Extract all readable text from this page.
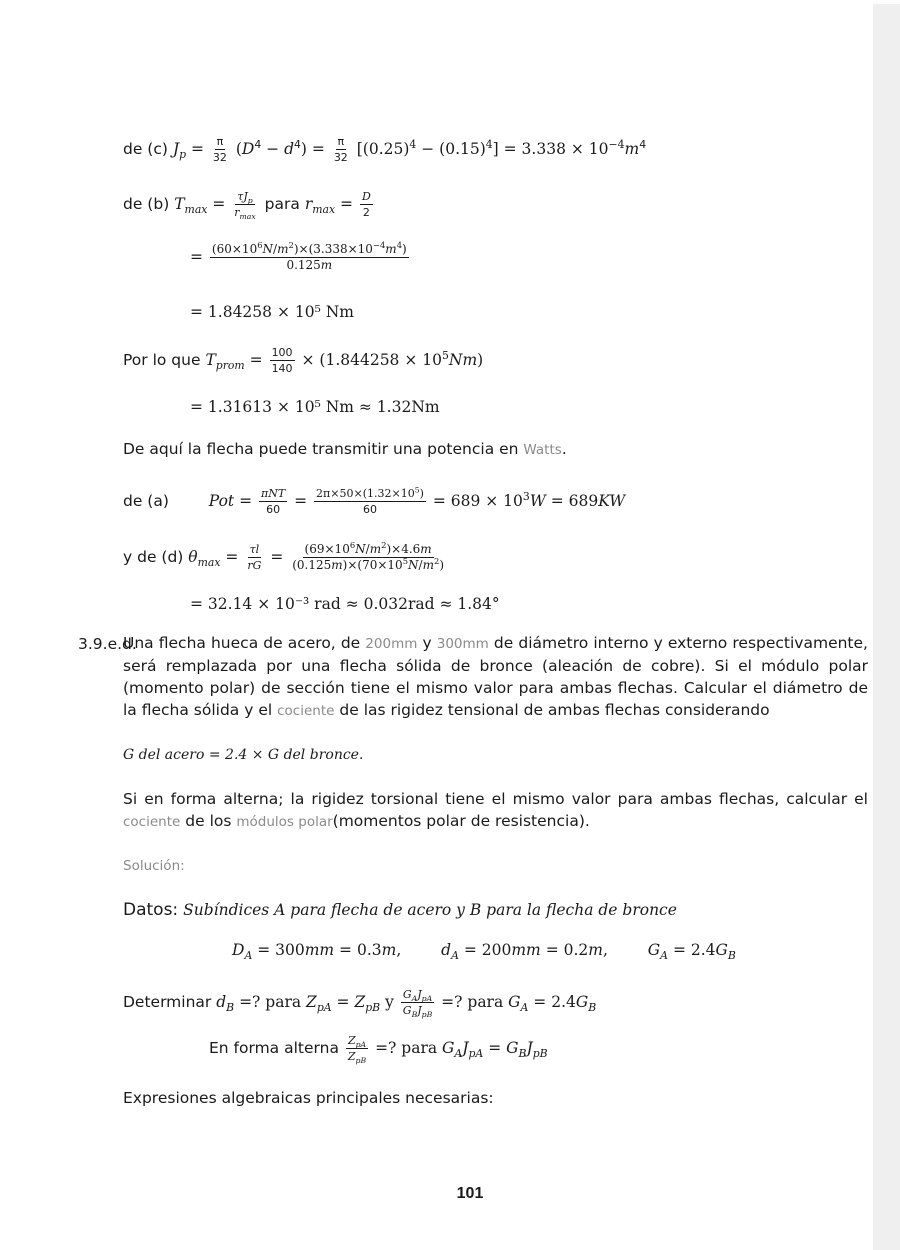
de (c) $J_p = \frac{\pi}{32} (D^4 - d^4) = \frac{\pi}{32} [(0.25)^4 - (0.15)^4] = 3.338 \times 10^{-4}m^4$
de (b) $T_{max} = \frac{\tau J_p}{r_{max}}$ para $r_{max} = \frac{D}{2}$
= $\frac{(60\times 10^6N/m^2)\times(3.338\times 10^{-4}m^4)}{0.125m}$
= 1.84258 × 10⁵ Nm
Por lo que $T_{prom} = \frac{100}{140} \times (1.844258 \times 10^5Nm)$
= 1.31613 × 10⁵ Nm ≈ 1.32Nm
De aquí la flecha puede transmitir una potencia en Watts.
de (a)	Pot = $\frac{\text{πNT}}{60} = \frac{2\pi\times 50\times(1.32\times 10^5)}{60} = 689 \times 10^3W = 689KW$
y de (d) $\theta_{max} = \frac{\tau l}{rG} = \frac{(69\times 10^6N/m^2)\times 4.6m}{(0.125m)\times(70\times 10^5N/m^2)}$
= 32.14 × 10⁻³ rad ≈ 0.032rad ≈ 1.84°
3.9.e.d.
Una flecha hueca de acero, de 200mm y 300mm de diámetro interno y externo respectivamente, será remplazada por una flecha sólida de bronce (aleación de cobre). Si el módulo polar (momento polar) de sección tiene el mismo valor para ambas flechas. Calcular el diámetro de la flecha sólida y el cociente de las rigidez tensional de ambas flechas considerando
G del acero = 2.4 × G del bronce.
Si en forma alterna; la rigidez torsional tiene el mismo valor para ambas flechas, calcular el cociente de los módulos polar(momentos polar de resistencia).
Solución:
Datos: Subíndices A para flecha de acero y B para la flecha de bronce
$D_A = 300mm = 0.3m$,	$d_A = 200mm = 0.2m$,	$G_A = 2.4G_B$
Determinar $d_B$ =? para $Z_{pA} = Z_{pB}$ y $\frac{G_AJ_{pA}}{G_BJ_{pB}}$ =? para $G_A = 2.4G_B$
En forma alterna $\frac{Z_{pA}}{Z_{pB}}$ =? para $G_AJ_{pA} = G_BJ_{pB}$
Expresiones algebraicas principales necesarias:
101
